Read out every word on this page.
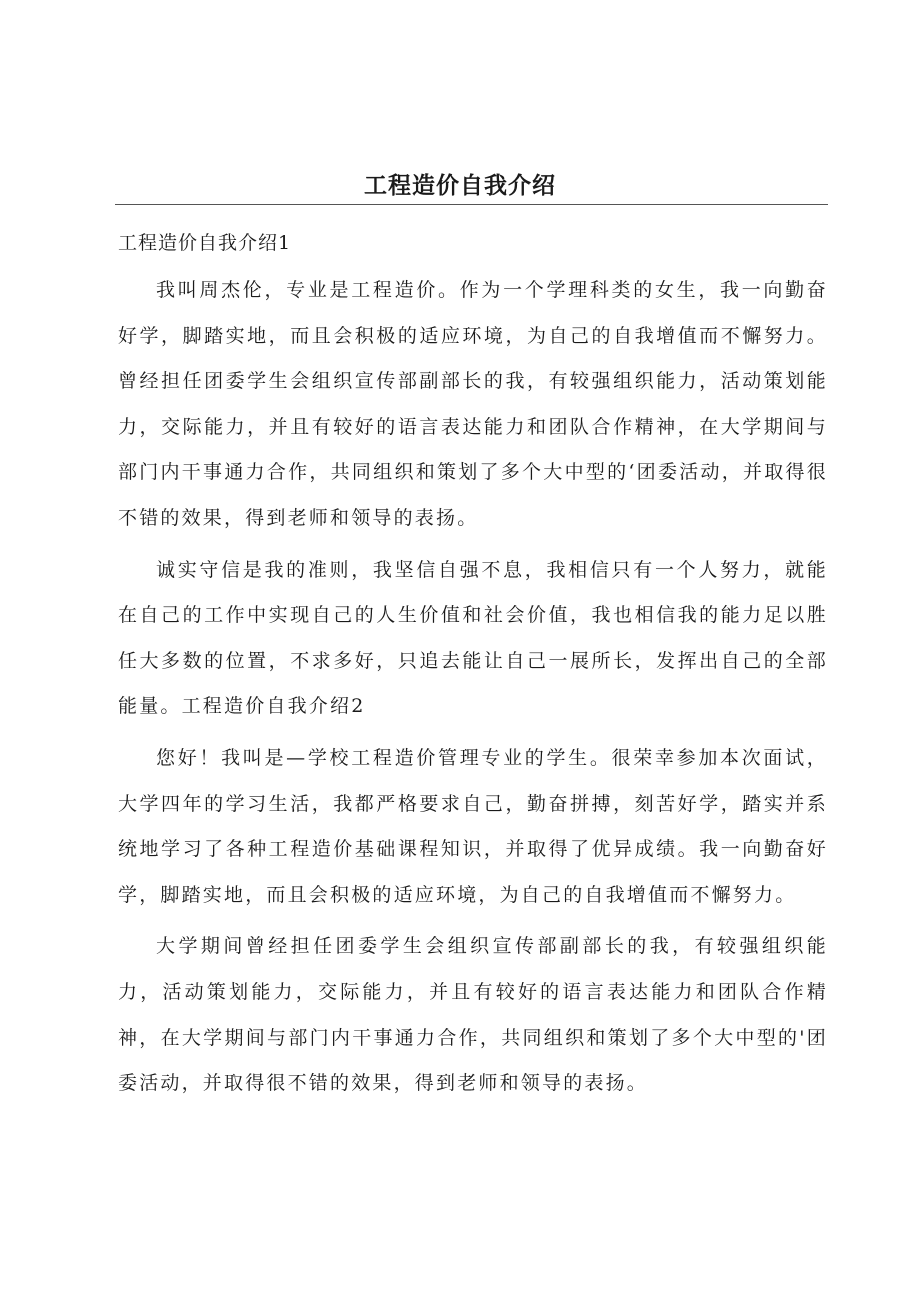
工程造价自我介绍
工程造价自我介绍1

我叫周杰伦，专业是工程造价。作为一个学理科类的女生，我一向勤奋好学，脚踏实地，而且会积极的适应环境，为自己的自我增值而不懈努力。曾经担任团委学生会组织宣传部副部长的我，有较强组织能力，活动策划能力，交际能力，并且有较好的语言表达能力和团队合作精神，在大学期间与部门内干事通力合作，共同组织和策划了多个大中型的‘团委活动，并取得很不错的效果，得到老师和领导的表扬。

诚实守信是我的准则，我坚信自强不息，我相信只有一个人努力，就能在自己的工作中实现自己的人生价值和社会价值，我也相信我的能力足以胜任大多数的位置，不求多好，只追去能让自己一展所长，发挥出自己的全部能量。工程造价自我介绍2

您好！我叫是—学校工程造价管理专业的学生。很荣幸参加本次面试，大学四年的学习生活，我都严格要求自己，勤奋拼搏，刻苦好学，踏实并系统地学习了各种工程造价基础课程知识，并取得了优异成绩。我一向勤奋好学，脚踏实地，而且会积极的适应环境，为自己的自我增值而不懈努力。

大学期间曾经担任团委学生会组织宣传部副部长的我，有较强组织能力，活动策划能力，交际能力，并且有较好的语言表达能力和团队合作精神，在大学期间与部门内干事通力合作，共同组织和策划了多个大中型的'团委活动，并取得很不错的效果，得到老师和领导的表扬。
